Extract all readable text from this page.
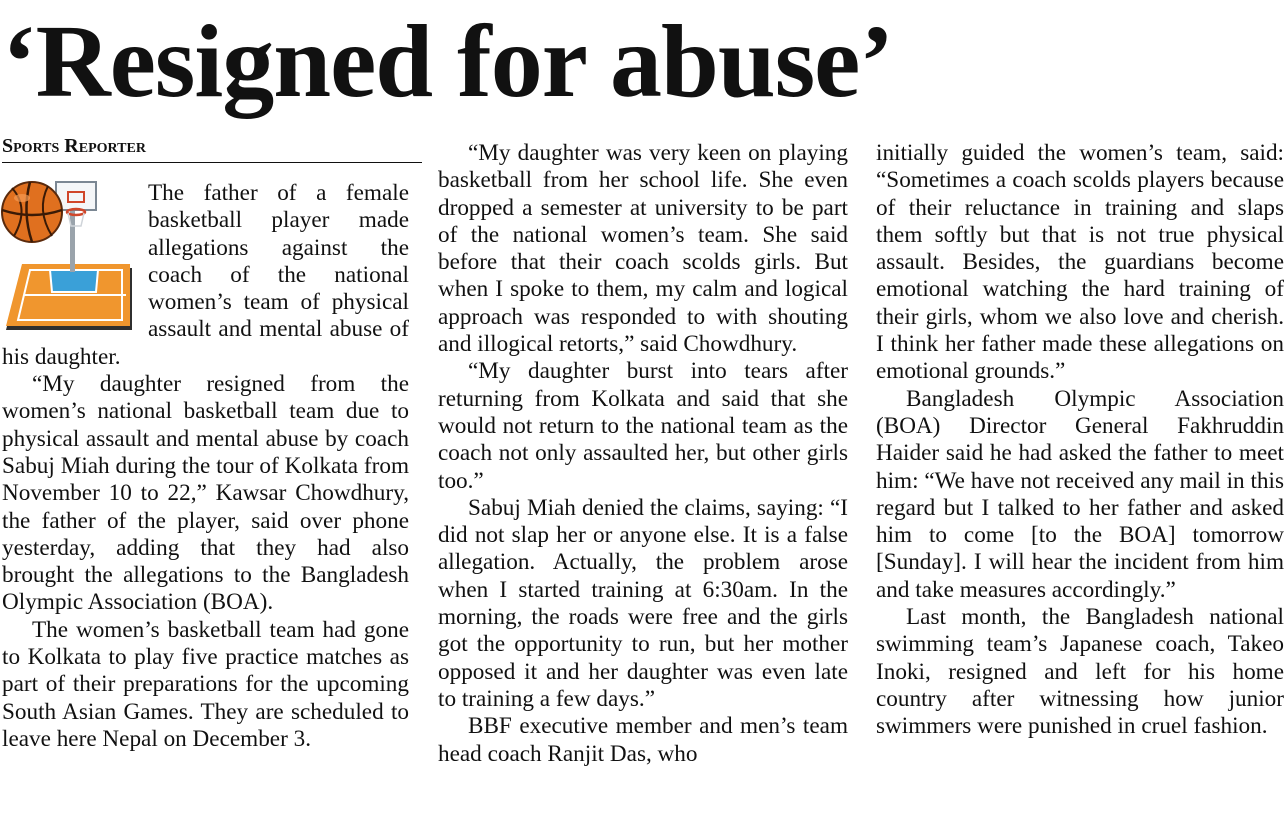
‘Resigned for abuse’
Sports Reporter

The father of a female basketball player made allegations against the coach of the national women’s team of physical assault and mental abuse of his daughter.

“My daughter resigned from the women’s national basketball team due to physical assault and mental abuse by coach Sabuj Miah during the tour of Kolkata from November 10 to 22,” Kawsar Chowdhury, the father of the player, said over phone yesterday, adding that they had also brought the allegations to the Bangladesh Olympic Association (BOA).

The women’s basketball team had gone to Kolkata to play five practice matches as part of their preparations for the upcoming South Asian Games. They are scheduled to leave here Nepal on December 3.

“My daughter was very keen on playing basketball from her school life. She even dropped a semester at university to be part of the national women’s team. She said before that their coach scolds girls. But when I spoke to them, my calm and logical approach was responded to with shouting and illogical retorts,” said Chowdhury.

“My daughter burst into tears after returning from Kolkata and said that she would not return to the national team as the coach not only assaulted her, but other girls too.”

Sabuj Miah denied the claims, saying: “I did not slap her or anyone else. It is a false allegation. Actually, the problem arose when I started training at 6:30am. In the morning, the roads were free and the girls got the opportunity to run, but her mother opposed it and her daughter was even late to training a few days.”

BBF executive member and men’s team head coach Ranjit Das, who

initially guided the women’s team, said: “Sometimes a coach scolds players because of their reluctance in training and slaps them softly but that is not true physical assault. Besides, the guardians become emotional watching the hard training of their girls, whom we also love and cherish. I think her father made these allegations on emotional grounds.”

Bangladesh Olympic Association (BOA) Director General Fakhruddin Haider said he had asked the father to meet him: “We have not received any mail in this regard but I talked to her father and asked him to come [to the BOA] tomorrow [Sunday]. I will hear the incident from him and take measures accordingly.”

Last month, the Bangladesh national swimming team’s Japanese coach, Takeo Inoki, resigned and left for his home country after witnessing how junior swimmers were punished in cruel fashion.
